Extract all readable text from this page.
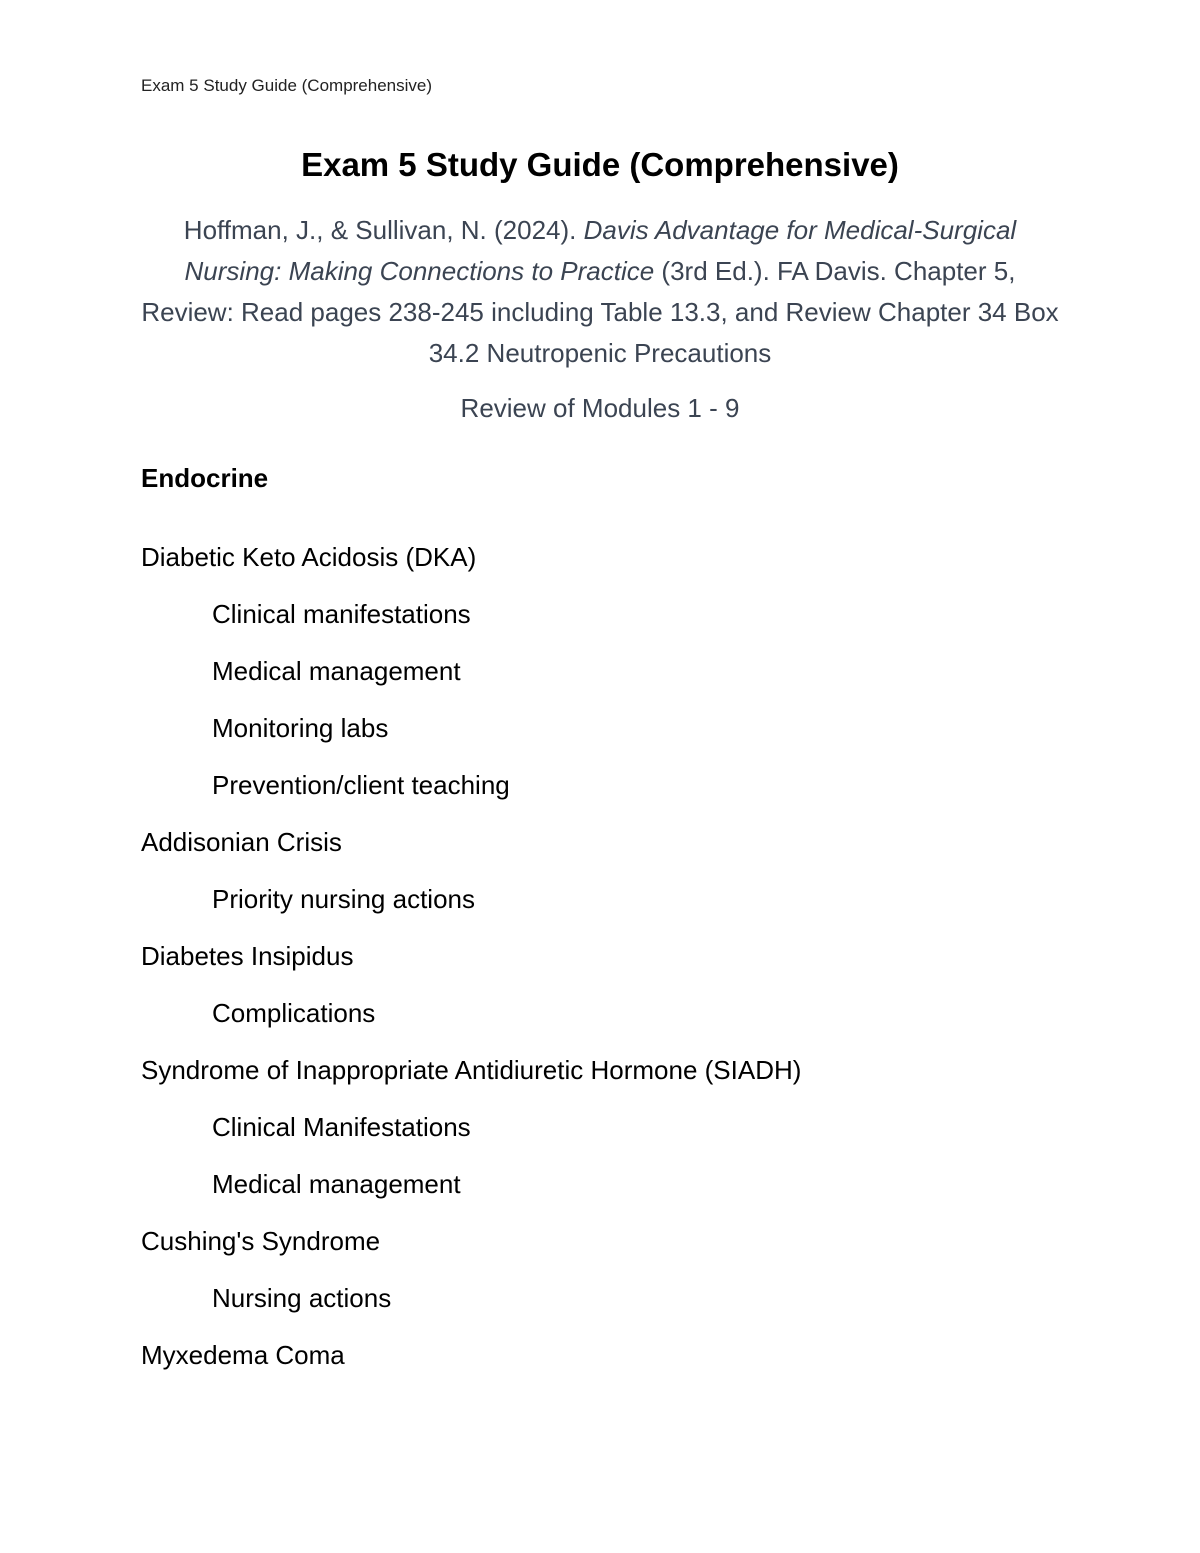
Exam 5 Study Guide (Comprehensive)
Exam 5 Study Guide (Comprehensive)
Hoffman, J., & Sullivan, N. (2024). Davis Advantage for Medical-Surgical Nursing: Making Connections to Practice (3rd Ed.). FA Davis. Chapter 5, Review: Read pages 238-245 including Table 13.3, and Review Chapter 34 Box 34.2 Neutropenic Precautions
Review of Modules 1 - 9
Endocrine
Diabetic Keto Acidosis (DKA)
Clinical manifestations
Medical management
Monitoring labs
Prevention/client teaching
Addisonian Crisis
Priority nursing actions
Diabetes Insipidus
Complications
Syndrome of Inappropriate Antidiuretic Hormone (SIADH)
Clinical Manifestations
Medical management
Cushing's Syndrome
Nursing actions
Myxedema Coma
